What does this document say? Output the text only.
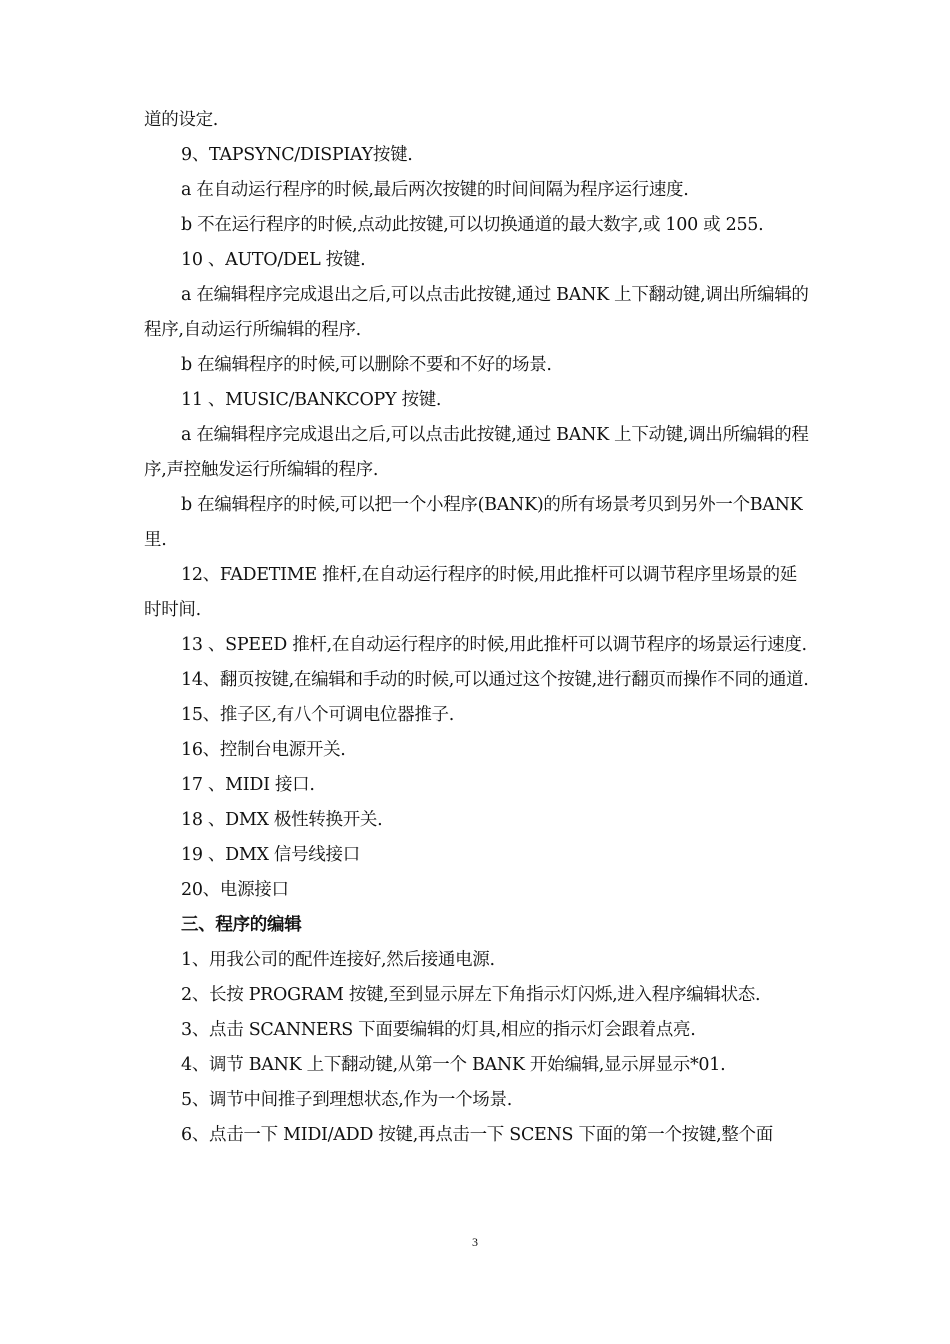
道的设定.
9、TAPSYNC/DISPIAY按键.
a 在自动运行程序的时候,最后两次按键的时间间隔为程序运行速度.
b 不在运行程序的时候,点动此按键,可以切换通道的最大数字,或 100 或 255.
10 、AUTO/DEL 按键.
a 在编辑程序完成退出之后,可以点击此按键,通过 BANK 上下翻动键,调出所编辑的程序,自动运行所编辑的程序.
b 在编辑程序的时候,可以删除不要和不好的场景.
11 、MUSIC/BANKCOPY 按键.
a 在编辑程序完成退出之后,可以点击此按键,通过 BANK 上下动键,调出所编辑的程序,声控触发运行所编辑的程序.
b 在编辑程序的时候,可以把一个小程序(BANK)的所有场景考贝到另外一个BANK 里.
12、FADETIME 推杆,在自动运行程序的时候,用此推杆可以调节程序里场景的延时时间.
13 、SPEED 推杆,在自动运行程序的时候,用此推杆可以调节程序的场景运行速度.
14、翻页按键,在编辑和手动的时候,可以通过这个按键,进行翻页而操作不同的通道.
15、推子区,有八个可调电位器推子.
16、控制台电源开关.
17 、MIDI 接口.
18 、DMX 极性转换开关.
19 、DMX 信号线接口
20、电源接口
三、程序的编辑
1、用我公司的配件连接好,然后接通电源.
2、长按 PROGRAM 按键,至到显示屏左下角指示灯闪烁,进入程序编辑状态.
3、点击 SCANNERS 下面要编辑的灯具,相应的指示灯会跟着点亮.
4、调节 BANK 上下翻动键,从第一个 BANK 开始编辑,显示屏显示*01.
5、调节中间推子到理想状态,作为一个场景.
6、点击一下 MIDI/ADD 按键,再点击一下 SCENS 下面的第一个按键,整个面
3
